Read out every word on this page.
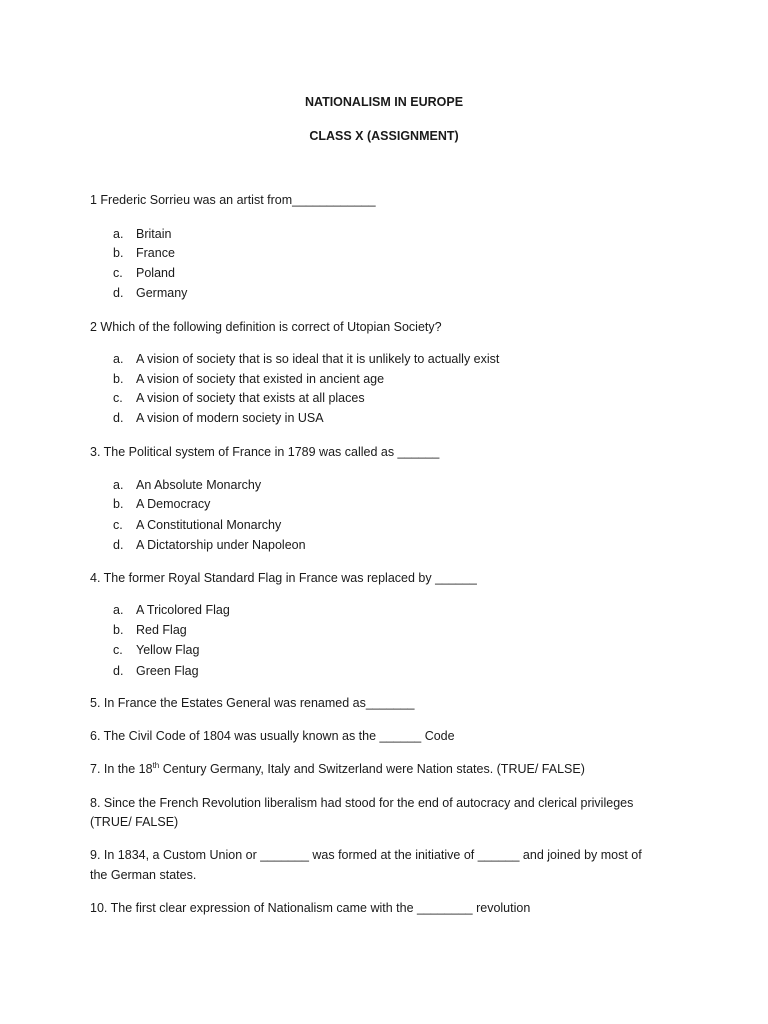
NATIONALISM IN EUROPE
CLASS X (ASSIGNMENT)
1 Frederic Sorrieu was an artist from____________
a. Britain
b. France
c. Poland
d. Germany
2 Which of the following definition is correct of Utopian Society?
a. A vision of society that is so ideal that it is unlikely to actually exist
b. A vision of society that existed in ancient age
c. A vision of society that exists at all places
d. A vision of modern society in USA
3. The Political system of France in 1789 was called as ______
a. An Absolute Monarchy
b. A Democracy
c. A Constitutional Monarchy
d. A Dictatorship under Napoleon
4. The former Royal Standard Flag in France was replaced by ______
a. A Tricolored Flag
b. Red Flag
c. Yellow Flag
d. Green Flag
5. In France the Estates General was renamed as_______
6. The Civil Code of 1804 was usually known as the ______ Code
7. In the 18th Century Germany, Italy and Switzerland were Nation states. (TRUE/ FALSE)
8. Since the French Revolution liberalism had stood for the end of autocracy and clerical privileges
(TRUE/ FALSE)
9. In 1834, a Custom Union or _______ was formed at the initiative of ______ and joined by most of
the German states.
10. The first clear expression of Nationalism came with the ________ revolution
